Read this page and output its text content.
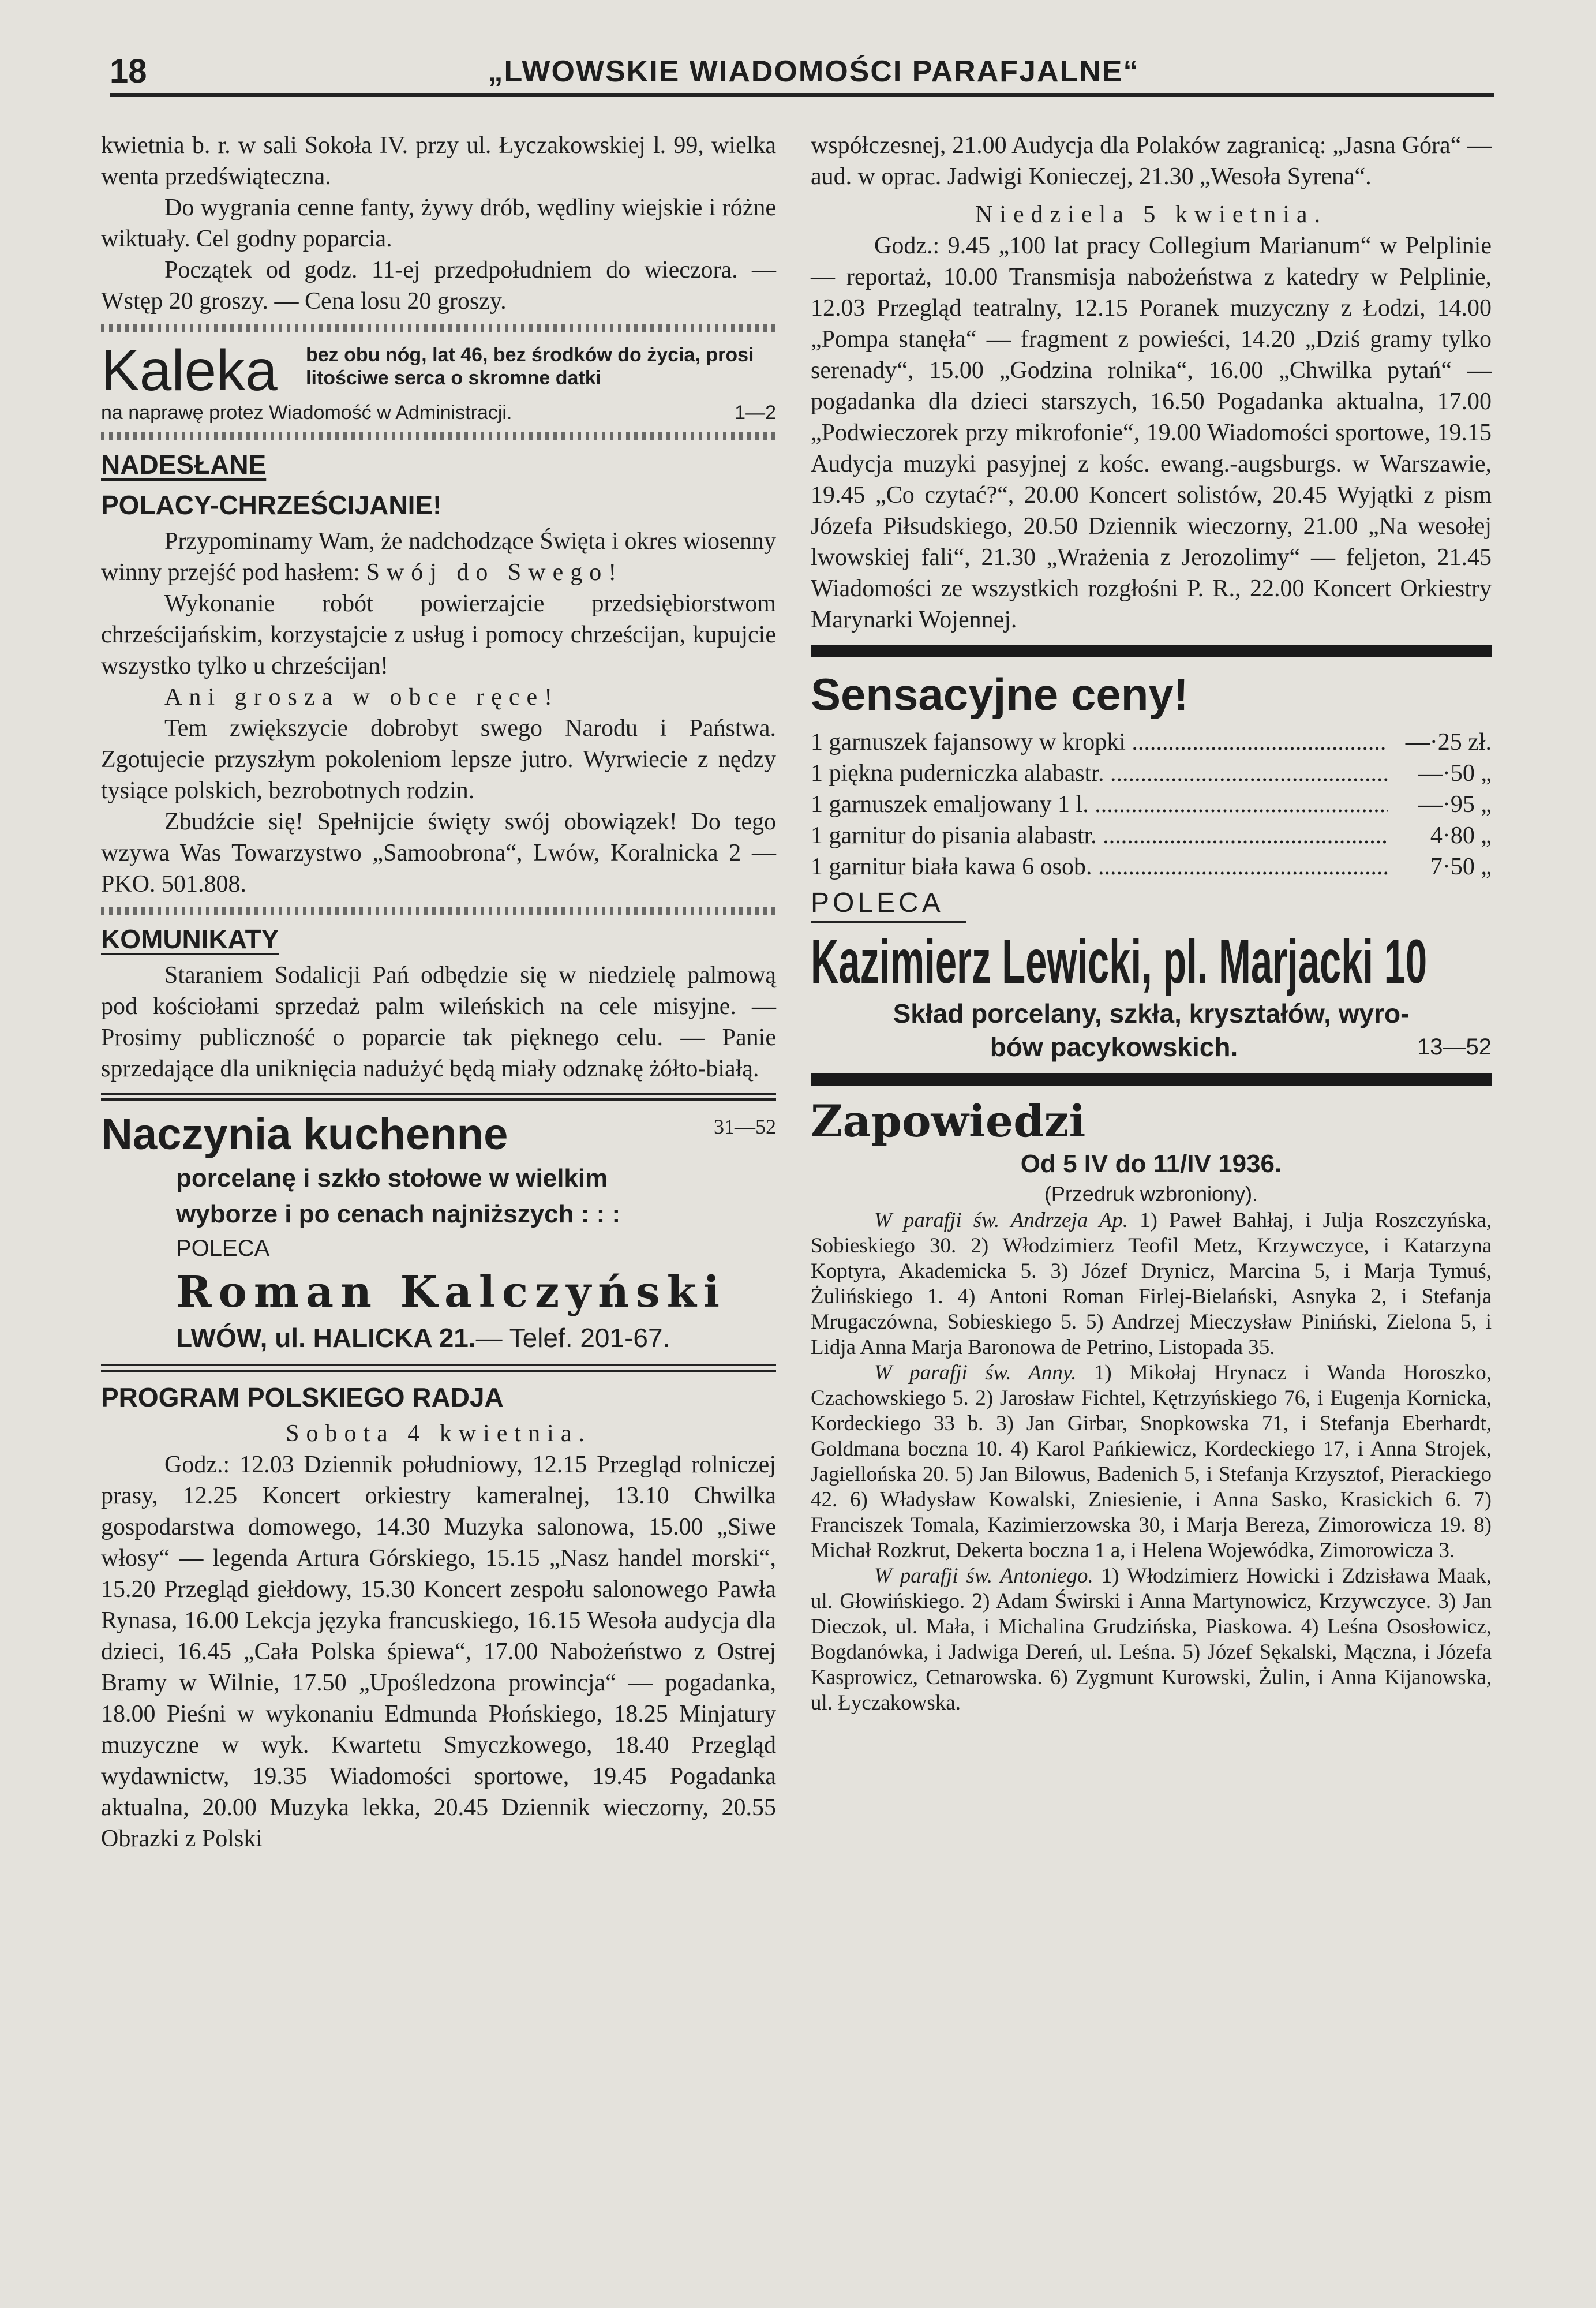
18	„LWOWSKIE WIADOMOŚCI PARAFJALNE“

kwietnia b. r. w sali Sokoła IV. przy ul. Łyczakowskiej l. 99, wielka wenta przedświąteczna.

Do wygrania cenne fanty, żywy drób, wędliny wiejskie i różne wiktuały. Cel godny poparcia.

Początek od godz. 11-ej przedpołudniem do wieczora. — Wstęp 20 groszy. — Cena losu 20 groszy.

Kaleka bez obu nóg, lat 46, bez środków do życia, prosi litościwe serca o skromne datki
na naprawę protez Wiadomość w Administracji.	1—2
NADESŁANE
POLACY-CHRZEŚCIJANIE!

Przypominamy Wam, że nadchodzące Święta i okres wiosenny winny przejść pod hasłem: Swój do Swego!

Wykonanie robót powierzajcie przedsiębiorstwom chrześcijańskim, korzystajcie z usług i pomocy chrześcijan, kupujcie wszystko tylko u chrześcijan!

Ani grosza w obce ręce!

Tem zwiększycie dobrobyt swego Narodu i Państwa. Zgotujecie przyszłym pokoleniom lepsze jutro. Wyrwiecie z nędzy tysiące polskich, bezrobotnych rodzin.

Zbudźcie się! Spełnijcie święty swój obowiązek! Do tego wzywa Was Towarzystwo „Samoobrona“, Lwów, Koralnicka 2 — PKO. 501.808.

KOMUNIKATY

Staraniem Sodalicji Pań odbędzie się w niedzielę palmową pod kościołami sprzedaż palm wileńskich na cele misyjne. — Prosimy publiczność o poparcie tak pięknego celu. — Panie sprzedające dla uniknięcia nadużyć będą miały odznakę żółto-białą.

Naczynia kuchenne	31—52
porcelanę i szkło stołowe w wielkim
wyborze i po cenach najniższych : : :
POLECA
Roman Kalczyński
LWÓW, ul. HALICKA 21.— Telef. 201-67.
PROGRAM POLSKIEGO RADJA

Sobota 4 kwietnia.

Godz.: 12.03 Dziennik południowy, 12.15 Przegląd rolniczej prasy, 12.25 Koncert orkiestry kameralnej, 13.10 Chwilka gospodarstwa domowego, 14.30 Muzyka salonowa, 15.00 „Siwe włosy“ — legenda Artura Górskiego, 15.15 „Nasz handel morski“, 15.20 Przegląd giełdowy, 15.30 Koncert zespołu salonowego Pawła Rynasa, 16.00 Lekcja języka francuskiego, 16.15 Wesoła audycja dla dzieci, 16.45 „Cała Polska śpiewa“, 17.00 Nabożeństwo z Ostrej Bramy w Wilnie, 17.50 „Upośledzona prowincja“ — pogadanka, 18.00 Pieśni w wykonaniu Edmunda Płońskiego, 18.25 Minjatury muzyczne w wyk. Kwartetu Smyczkowego, 18.40 Przegląd wydawnictw, 19.35 Wiadomości sportowe, 19.45 Pogadanka aktualna, 20.00 Muzyka lekka, 20.45 Dziennik wieczorny, 20.55 Obrazki z Polski

współczesnej, 21.00 Audycja dla Polaków zagranicą: „Jasna Góra“ — aud. w oprac. Jadwigi Konieczej, 21.30 „Wesoła Syrena“.

Niedziela 5 kwietnia.

Godz.: 9.45 „100 lat pracy Collegium Marianum“ w Pelplinie — reportaż, 10.00 Transmisja nabożeństwa z katedry w Pelplinie, 12.03 Przegląd teatralny, 12.15 Poranek muzyczny z Łodzi, 14.00 „Pompa stanęła“ — fragment z powieści, 14.20 „Dziś gramy tylko serenady“, 15.00 „Godzina rolnika“, 16.00 „Chwilka pytań“ — pogadanka dla dzieci starszych, 16.50 Pogadanka aktualna, 17.00 „Podwieczorek przy mikrofonie“, 19.00 Wiadomości sportowe, 19.15 Audycja muzyki pasyjnej z kośc. ewang.-augsburgs. w Warszawie, 19.45 „Co czytać?“, 20.00 Koncert solistów, 20.45 Wyjątki z pism Józefa Piłsudskiego, 20.50 Dziennik wieczorny, 21.00 „Na wesołej lwowskiej fali“, 21.30 „Wrażenia z Jerozolimy“ — feljeton, 21.45 Wiadomości ze wszystkich rozgłośni P. R., 22.00 Koncert Orkiestry Marynarki Wojennej.

Sensacyjne ceny!
1 garnuszek fajansowy w kropki .....	—·25 zł.
1 piękna puderniczka alabastr. .....	—·50 „
1 garnuszek emaljowany 1 l. .....	—·95 „
1 garnitur do pisania alabastr. .....	4·80 „
1 garnitur biała kawa 6 osob. .....	7·50 „
POLECA
Kazimierz Lewicki, pl. Marjacki 10
Skład porcelany, szkła, kryształów, wyro-
bów pacykowskich.	13—52
Zapowiedzi
Od 5 IV do 11/IV 1936.
(Przedruk wzbroniony).

W parafji św. Andrzeja Ap. 1) Paweł Bahłaj, i Julja Roszczyńska, Sobieskiego 30. 2) Włodzimierz Teofil Metz, Krzywczyce, i Katarzyna Koptyra, Akademicka 5. 3) Józef Drynicz, Marcina 5, i Marja Tymuś, Żulińskiego 1. 4) Antoni Roman Firlej-Bielański, Asnyka 2, i Stefanja Mrugaczówna, Sobieskiego 5. 5) Andrzej Mieczysław Piniński, Zielona 5, i Lidja Anna Marja Baronowa de Petrino, Listopada 35.

W parafji św. Anny. 1) Mikołaj Hrynacz i Wanda Horoszko, Czachowskiego 5. 2) Jarosław Fichtel, Kętrzyńskiego 76, i Eugenja Kornicka, Kordeckiego 33 b. 3) Jan Girbar, Snopkowska 71, i Stefanja Eberhardt, Goldmana boczna 10. 4) Karol Pańkiewicz, Kordeckiego 17, i Anna Strojek, Jagiellońska 20. 5) Jan Bilowus, Badenich 5, i Stefanja Krzysztof, Pierackiego 42. 6) Władysław Kowalski, Zniesienie, i Anna Sasko, Krasickich 6. 7) Franciszek Tomala, Kazimierzowska 30, i Marja Bereza, Zimorowicza 19. 8) Michał Rozkrut, Dekerta boczna 1 a, i Helena Wojewódka, Zimorowicza 3.

W parafji św. Antoniego. 1) Włodzimierz Howicki i Zdzisława Maak, ul. Głowińskiego. 2) Adam Świrski i Anna Martynowicz, Krzywczyce. 3) Jan Dieczok, ul. Mała, i Michalina Grudzińska, Piaskowa. 4) Leśna Ososłowicz, Bogdanówka, i Jadwiga Dereń, ul. Leśna. 5) Józef Sękalski, Mączna, i Józefa Kasprowicz, Cetnarowska. 6) Zygmunt Kurowski, Żulin, i Anna Kijanowska, ul. Łyczakowska.
